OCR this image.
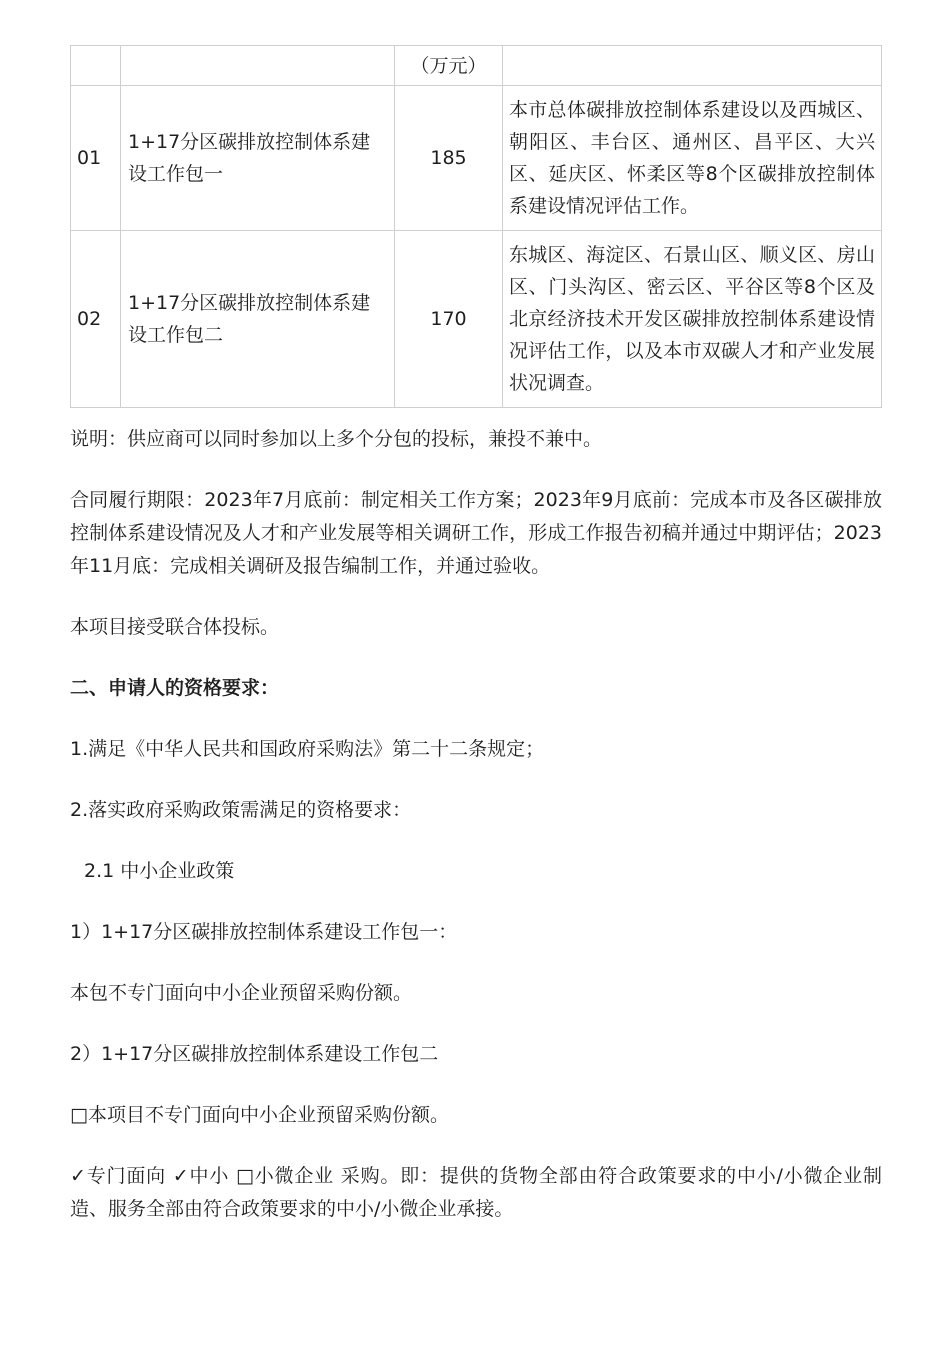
		（万元）	
01	1+17分区碳排放控制体系建设工作包一	185	本市总体碳排放控制体系建设以及西城区、朝阳区、丰台区、通州区、昌平区、大兴区、延庆区、怀柔区等8个区碳排放控制体系建设情况评估工作。
02	1+17分区碳排放控制体系建设工作包二	170	东城区、海淀区、石景山区、顺义区、房山区、门头沟区、密云区、平谷区等8个区及北京经济技术开发区碳排放控制体系建设情况评估工作，以及本市双碳人才和产业发展状况调查。

说明：供应商可以同时参加以上多个分包的投标，兼投不兼中。

合同履行期限：2023年7月底前：制定相关工作方案；2023年9月底前：完成本市及各区碳排放控制体系建设情况及人才和产业发展等相关调研工作，形成工作报告初稿并通过中期评估；2023年11月底：完成相关调研及报告编制工作，并通过验收。

本项目接受联合体投标。

二、申请人的资格要求：

1.满足《中华人民共和国政府采购法》第二十二条规定；

2.落实政府采购政策需满足的资格要求：

2.1 中小企业政策

1）1+17分区碳排放控制体系建设工作包一：

本包不专门面向中小企业预留采购份额。

2）1+17分区碳排放控制体系建设工作包二

□本项目不专门面向中小企业预留采购份额。

✓专门面向 ✓中小 □小微企业 采购。即：提供的货物全部由符合政策要求的中小/小微企业制造、服务全部由符合政策要求的中小/小微企业承接。
